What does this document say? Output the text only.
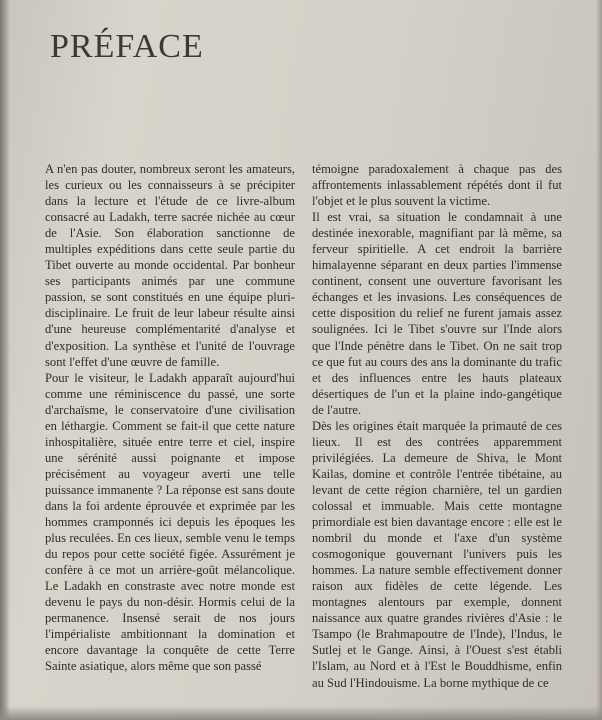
PRÉFACE

A n'en pas douter, nombreux seront les amateurs, les curieux ou les connaisseurs à se précipiter dans la lecture et l'étude de ce livre-album consacré au Ladakh, terre sacrée nichée au cœur de l'Asie. Son élaboration sanctionne de multiples expéditions dans cette seule partie du Tibet ouverte au monde occidental. Par bonheur ses participants animés par une commune passion, se sont constitués en une équipe pluri-disciplinaire. Le fruit de leur labeur résulte ainsi d'une heureuse complémentarité d'analyse et d'exposition. La synthèse et l'unité de l'ouvrage sont l'effet d'une œuvre de famille.

Pour le visiteur, le Ladakh apparaît aujourd'hui comme une réminiscence du passé, une sorte d'archaïsme, le conservatoire d'une civilisation en léthargie. Comment se fait-il que cette nature inhospitalière, située entre terre et ciel, inspire une sérénité aussi poignante et impose précisément au voyageur averti une telle puissance immanente ? La réponse est sans doute dans la foi ardente éprouvée et exprimée par les hommes cramponnés ici depuis les époques les plus reculées. En ces lieux, semble venu le temps du repos pour cette société figée. Assurément je confère à ce mot un arrière-goût mélancolique. Le Ladakh en constraste avec notre monde est devenu le pays du non-désir. Hormis celui de la permanence. Insensé serait de nos jours l'impérialiste ambitionnant la domination et encore davantage la conquête de cette Terre Sainte asiatique, alors même que son passé

témoigne paradoxalement à chaque pas des affrontements inlassablement répétés dont il fut l'objet et le plus souvent la victime.

Il est vrai, sa situation le condamnait à une destinée inexorable, magnifiant par là même, sa ferveur spiritielle. A cet endroit la barrière himalayenne séparant en deux parties l'immense continent, consent une ouverture favorisant les échanges et les invasions. Les conséquences de cette disposition du relief ne furent jamais assez soulignées. Ici le Tibet s'ouvre sur l'Inde alors que l'Inde pénètre dans le Tibet. On ne sait trop ce que fut au cours des ans la dominante du trafic et des influences entre les hauts plateaux désertiques de l'un et la plaine indo-gangétique de l'autre.

Dès les origines était marquée la primauté de ces lieux. Il est des contrées apparemment privilégiées. La demeure de Shiva, le Mont Kailas, domine et contrôle l'entrée tibétaine, au levant de cette région charnière, tel un gardien colossal et immuable. Mais cette montagne primordiale est bien davantage encore : elle est le nombril du monde et l'axe d'un système cosmogonique gouvernant l'univers puis les hommes. La nature semble effectivement donner raison aux fidèles de cette légende. Les montagnes alentours par exemple, donnent naissance aux quatre grandes rivières d'Asie : le Tsampo (le Brahmapoutre de l'Inde), l'Indus, le Sutlej et le Gange. Ainsi, à l'Ouest s'est établi l'Islam, au Nord et à l'Est le Bouddhisme, enfin au Sud l'Hindouisme. La borne mythique de ce
